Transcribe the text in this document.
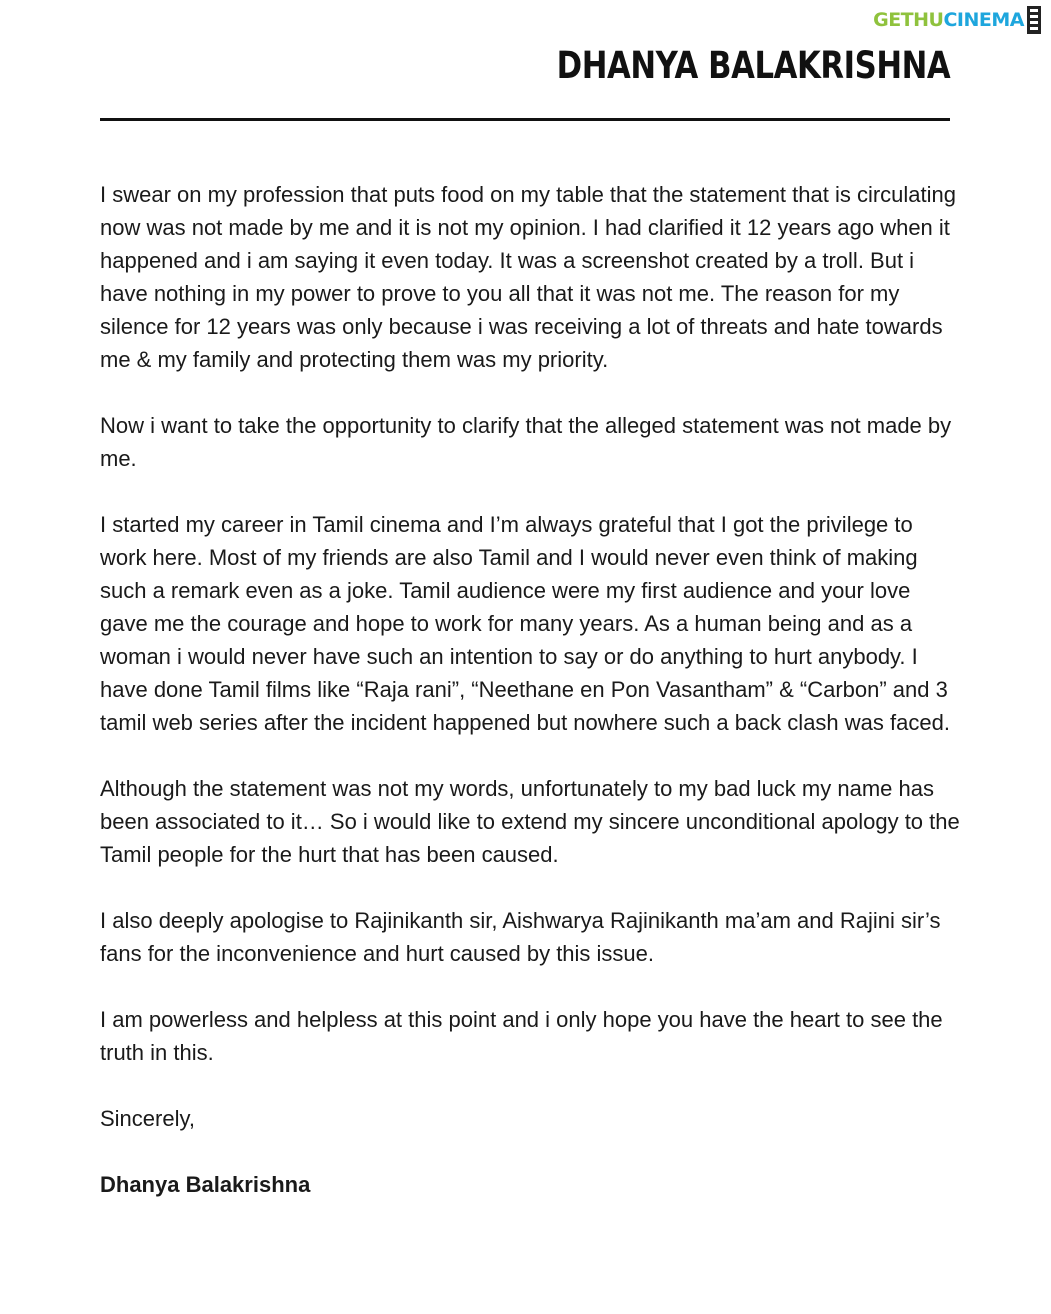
GETHU CINEMA
DHANYA BALAKRISHNA

I swear on my profession that puts food on my table that the statement that is circulating now was not made by me and it is not my opinion. I had clarified it 12 years ago when it happened and i am saying it even today. It was a screenshot created by a troll. But i have nothing in my power to prove to you all that it was not me. The reason for my silence for 12 years was only because i was receiving a lot of threats and hate towards me & my family and protecting them was my priority.

Now i want to take the opportunity to clarify that the alleged statement was not made by me.

I started my career in Tamil cinema and I’m always grateful that I got the privilege to work here. Most of my friends are also Tamil and I would never even think of making such a remark even as a joke. Tamil audience were my first audience and your love gave me the courage and hope to work for many years. As a human being and as a woman i would never have such an intention to say or do anything to hurt anybody. I have done Tamil films like “Raja rani”, “Neethane en Pon Vasantham” & “Carbon” and 3 tamil web series after the incident happened but nowhere such a back clash was faced.

Although the statement was not my words, unfortunately to my bad luck my name has been associated to it… So i would like to extend my sincere unconditional apology to the Tamil people for the hurt that has been caused.

I also deeply apologise to Rajinikanth sir, Aishwarya Rajinikanth ma’am and Rajini sir’s fans for the inconvenience and hurt caused by this issue.

I am powerless and helpless at this point and i only hope you have the heart to see the truth in this.

Sincerely,

Dhanya Balakrishna
